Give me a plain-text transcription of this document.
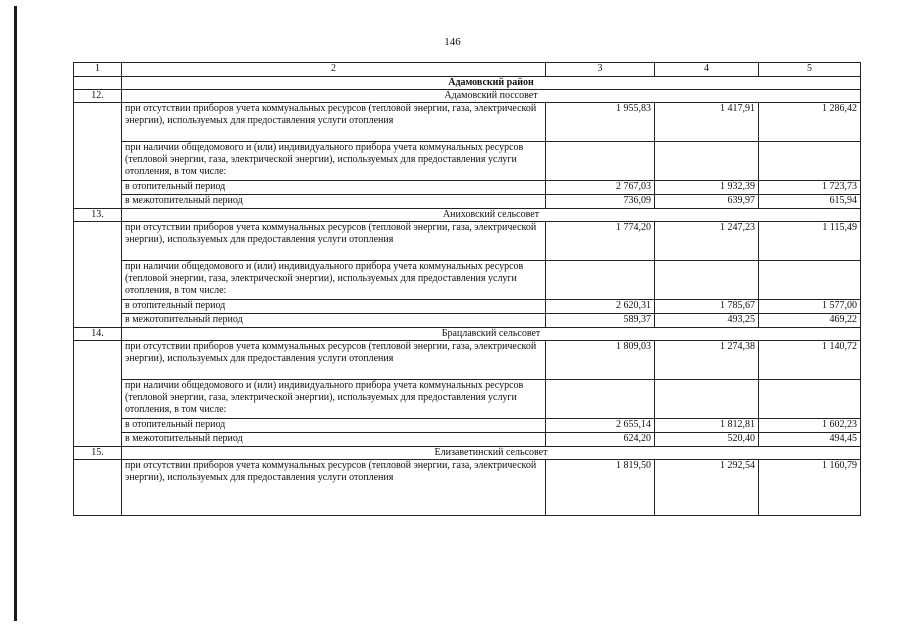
146
1	2	3	4	5
	Адамовский район			
12.	Адамовский поссовет			
	при отсутствии приборов учета коммунальных ресурсов (тепловой энергии, газа, электрической энергии), используемых для предоставления услуги отопления	1 955,83	1 417,91	1 286,42
	при наличии общедомового и (или) индивидуального прибора учета коммунальных ресурсов (тепловой энергии, газа, электрической энергии), используемых для предоставления услуги отопления, в том числе:			
	в отопительный период	2 767,03	1 932,39	1 723,73
	в межотопительный период	736,09	639,97	615,94
13.	Аниховский сельсовет			
	при отсутствии приборов учета коммунальных ресурсов (тепловой энергии, газа, электрической энергии), используемых для предоставления услуги отопления	1 774,20	1 247,23	1 115,49
	при наличии общедомового и (или) индивидуального прибора учета коммунальных ресурсов (тепловой энергии, газа, электрической энергии), используемых для предоставления услуги отопления, в том числе:			
	в отопительный период	2 620,31	1 785,67	1 577,00
	в межотопительный период	589,37	493,25	469,22
14.	Брацлавский сельсовет			
	при отсутствии приборов учета коммунальных ресурсов (тепловой энергии, газа, электрической энергии), используемых для предоставления услуги отопления	1 809,03	1 274,38	1 140,72
	при наличии общедомового и (или) индивидуального прибора учета коммунальных ресурсов (тепловой энергии, газа, электрической энергии), используемых для предоставления услуги отопления, в том числе:			
	в отопительный период	2 655,14	1 812,81	1 602,23
	в межотопительный период	624,20	520,40	494,45
15.	Елизаветинский сельсовет			
	при отсутствии приборов учета коммунальных ресурсов (тепловой энергии, газа, электрической энергии), используемых для предоставления услуги отопления	1 819,50	1 292,54	1 160,79
